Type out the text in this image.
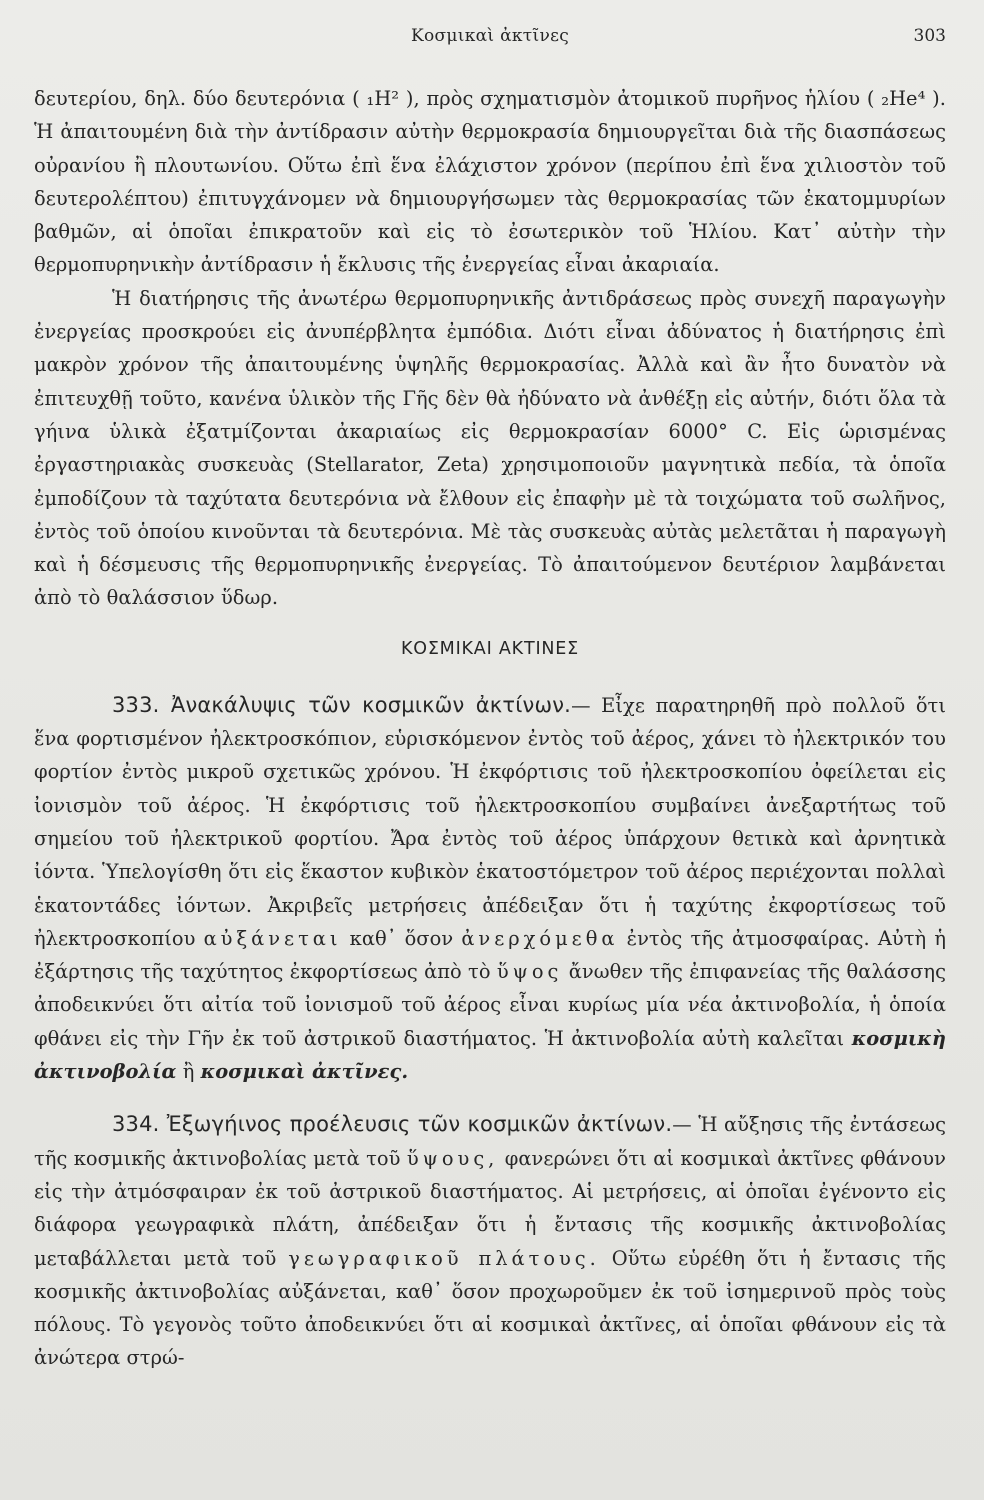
Κοσμικαὶ ἀκτῖνες	303

δευτερίου, δηλ. δύο δευτερόνια ( ₁H² ), πρὸς σχηματισμὸν ἀτομικοῦ πυρῆνος ἡλίου ( ₂He⁴ ). Ἡ ἀπαιτουμένη διὰ τὴν ἀντίδρασιν αὐτὴν θερμοκρασία δημιουργεῖται διὰ τῆς διασπάσεως οὐρανίου ἢ πλουτωνίου. Οὕτω ἐπὶ ἕνα ἐλάχιστον χρόνον (περίπου ἐπὶ ἕνα χιλιοστὸν τοῦ δευτερολέπτου) ἐπιτυγχάνομεν νὰ δημιουργήσωμεν τὰς θερμοκρασίας τῶν ἑκατομμυρίων βαθμῶν, αἱ ὁποῖαι ἐπικρατοῦν καὶ εἰς τὸ ἐσωτερικὸν τοῦ Ἡλίου. Κατ᾽ αὐτὴν τὴν θερμοπυρηνικὴν ἀντίδρασιν ἡ ἔκλυσις τῆς ἐνεργείας εἶναι ἀκαριαία.

Ἡ διατήρησις τῆς ἀνωτέρω θερμοπυρηνικῆς ἀντιδράσεως πρὸς συνεχῆ παραγωγὴν ἐνεργείας προσκρούει εἰς ἀνυπέρβλητα ἐμπόδια. Διότι εἶναι ἀδύνατος ἡ διατήρησις ἐπὶ μακρὸν χρόνον τῆς ἀπαιτουμένης ὑψηλῆς θερμοκρασίας. Ἀλλὰ καὶ ἂν ἦτο δυνατὸν νὰ ἐπιτευχθῇ τοῦτο, κανένα ὑλικὸν τῆς Γῆς δὲν θὰ ἠδύνατο νὰ ἀνθέξῃ εἰς αὐτήν, διότι ὅλα τὰ γήινα ὑλικὰ ἐξατμίζονται ἀκαριαίως εἰς θερμοκρασίαν 6000° C. Εἰς ὡρισμένας ἐργαστηριακὰς συσκευὰς (Stellarator, Zeta) χρησιμοποιοῦν μαγνητικὰ πεδία, τὰ ὁποῖα ἐμποδίζουν τὰ ταχύτατα δευτερόνια νὰ ἔλθουν εἰς ἐπαφὴν μὲ τὰ τοιχώματα τοῦ σωλῆνος, ἐντὸς τοῦ ὁποίου κινοῦνται τὰ δευτερόνια. Μὲ τὰς συσκευὰς αὐτὰς μελετᾶται ἡ παραγωγὴ καὶ ἡ δέσμευσις τῆς θερμοπυρηνικῆς ἐνεργείας. Τὸ ἀπαιτούμενον δευτέριον λαμβάνεται ἀπὸ τὸ θαλάσσιον ὕδωρ.

ΚΟΣΜΙΚΑΙ ΑΚΤΙΝΕΣ

333. Ἀνακάλυψις τῶν κοσμικῶν ἀκτίνων.— Εἶχε παρατηρηθῆ πρὸ πολλοῦ ὅτι ἕνα φορτισμένον ἠλεκτροσκόπιον, εὑρισκόμενον ἐντὸς τοῦ ἀέρος, χάνει τὸ ἠλεκτρικόν του φορτίον ἐντὸς μικροῦ σχετικῶς χρόνου. Ἡ ἐκφόρτισις τοῦ ἠλεκτροσκοπίου ὀφείλεται εἰς ἰονισμὸν τοῦ ἀέρος. Ἡ ἐκφόρτισις τοῦ ἠλεκτροσκοπίου συμβαίνει ἀνεξαρτήτως τοῦ σημείου τοῦ ἠλεκτρικοῦ φορτίου. Ἄρα ἐντὸς τοῦ ἀέρος ὑπάρχουν θετικὰ καὶ ἀρνητικὰ ἰόντα. Ὑπελογίσθη ὅτι εἰς ἕκαστον κυβικὸν ἑκατοστόμετρον τοῦ ἀέρος περιέχονται πολλαὶ ἑκατοντάδες ἰόντων. Ἀκριβεῖς μετρήσεις ἀπέδειξαν ὅτι ἡ ταχύτης ἐκφορτίσεως τοῦ ἠλεκτροσκοπίου αὐξάνεται καθ᾽ ὅσον ἀνερχόμεθα ἐντὸς τῆς ἀτμοσφαίρας. Αὐτὴ ἡ ἐξάρτησις τῆς ταχύτητος ἐκφορτίσεως ἀπὸ τὸ ὕψος ἄνωθεν τῆς ἐπιφανείας τῆς θαλάσσης ἀποδεικνύει ὅτι αἰτία τοῦ ἰονισμοῦ τοῦ ἀέρος εἶναι κυρίως μία νέα ἀκτινοβολία, ἡ ὁποία φθάνει εἰς τὴν Γῆν ἐκ τοῦ ἀστρικοῦ διαστήματος. Ἡ ἀκτινοβολία αὐτὴ καλεῖται κοσμικὴ ἀκτινοβολία ἢ κοσμικαὶ ἀκτῖνες.

334. Ἐξωγήινος προέλευσις τῶν κοσμικῶν ἀκτίνων.— Ἡ αὔξησις τῆς ἐντάσεως τῆς κοσμικῆς ἀκτινοβολίας μετὰ τοῦ ὕψους, φανερώνει ὅτι αἱ κοσμικαὶ ἀκτῖνες φθάνουν εἰς τὴν ἀτμόσφαιραν ἐκ τοῦ ἀστρικοῦ διαστήματος. Αἱ μετρήσεις, αἱ ὁποῖαι ἐγένοντο εἰς διάφορα γεωγραφικὰ πλάτη, ἀπέδειξαν ὅτι ἡ ἔντασις τῆς κοσμικῆς ἀκτινοβολίας μεταβάλλεται μετὰ τοῦ γεωγραφικοῦ πλάτους. Οὕτω εὑρέθη ὅτι ἡ ἔντασις τῆς κοσμικῆς ἀκτινοβολίας αὐξάνεται, καθ᾽ ὅσον προχωροῦμεν ἐκ τοῦ ἰσημερινοῦ πρὸς τοὺς πόλους. Τὸ γεγονὸς τοῦτο ἀποδεικνύει ὅτι αἱ κοσμικαὶ ἀκτῖνες, αἱ ὁποῖαι φθάνουν εἰς τὰ ἀνώτερα στρώ-
